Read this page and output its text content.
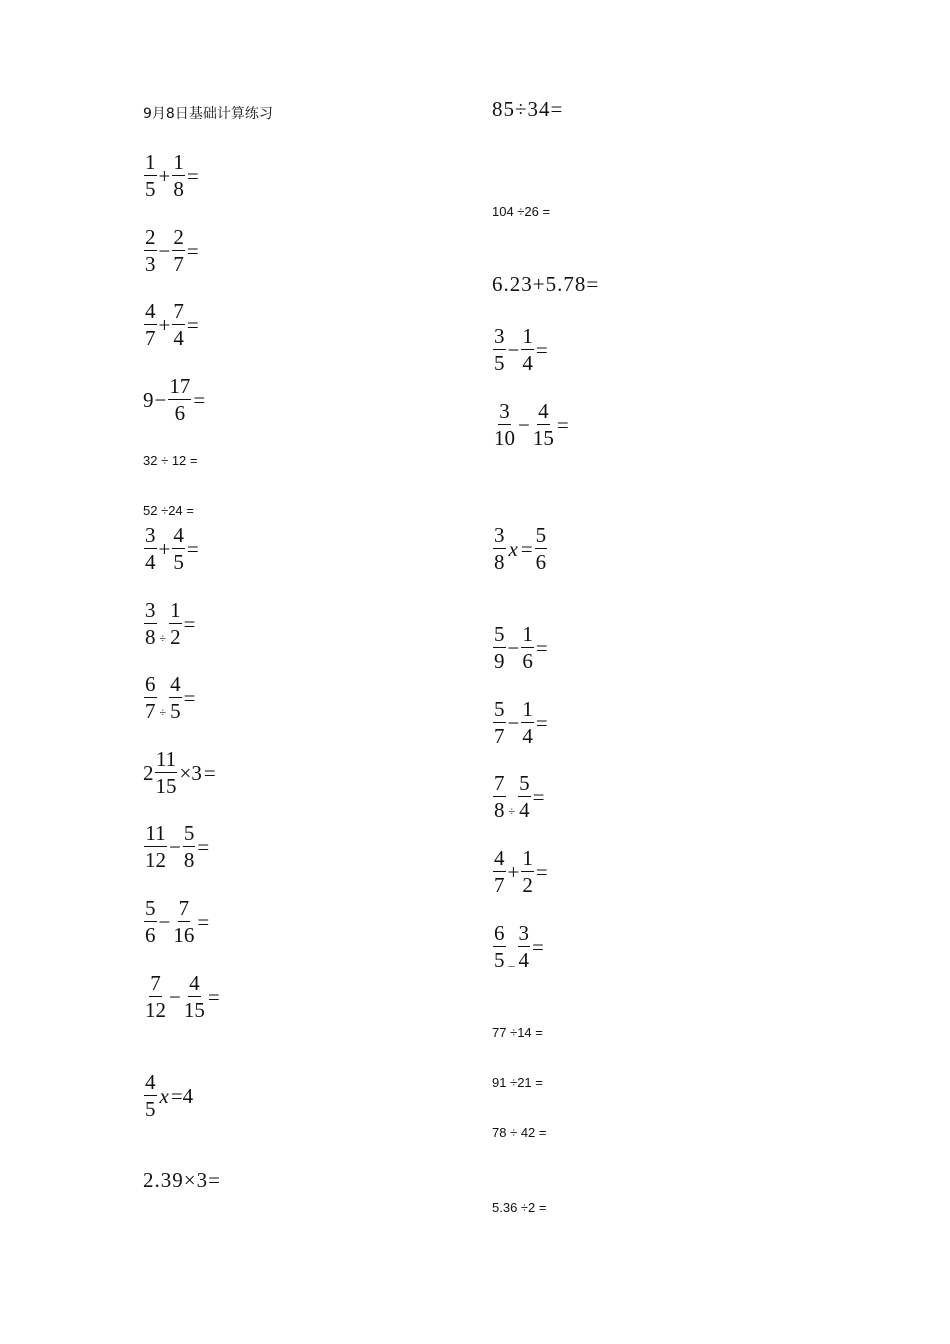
9月8日基础计算练习
$\frac{1}{5} + \frac{1}{8}$ =
$\frac{2}{3} - \frac{2}{7}$ =
$\frac{4}{7} + \frac{7}{4}$ =
$9 - \frac{17}{6}$ =
32 ÷ 12 =
52 ÷24 =
$\frac{3}{4} + \frac{4}{5}$ =
$\frac{3}{8} \div \frac{1}{2}$ =
$\frac{6}{7} \div \frac{4}{5}$ =
$2 \frac{11}{15} \times 3$ =
$\frac{11}{12} - \frac{5}{8}$ =
$\frac{5}{6} - \frac{7}{16}$ =
$\frac{7}{12} - \frac{4}{15}$ =
$\frac{4}{5}$ x =4
2.39×3=
85÷34=
104 ÷26 =
6.23+5.78=
$\frac{3}{5} - \frac{1}{4}$ =
$\frac{3}{10} - \frac{4}{15}$ =
$\frac{3}{8}$ $x = \frac{5}{6}$
$\frac{5}{9} - \frac{1}{6}$ =
$\frac{5}{7} - \frac{1}{4}$ =
$\frac{7}{8} \div \frac{5}{4}$ =
$\frac{4}{7} + \frac{1}{2}$ =
$\frac{6}{5}$ _ $\frac{3}{4}$ =
77 ÷14 =
91 ÷21 =
78 ÷ 42 =
5.36 ÷2 =
